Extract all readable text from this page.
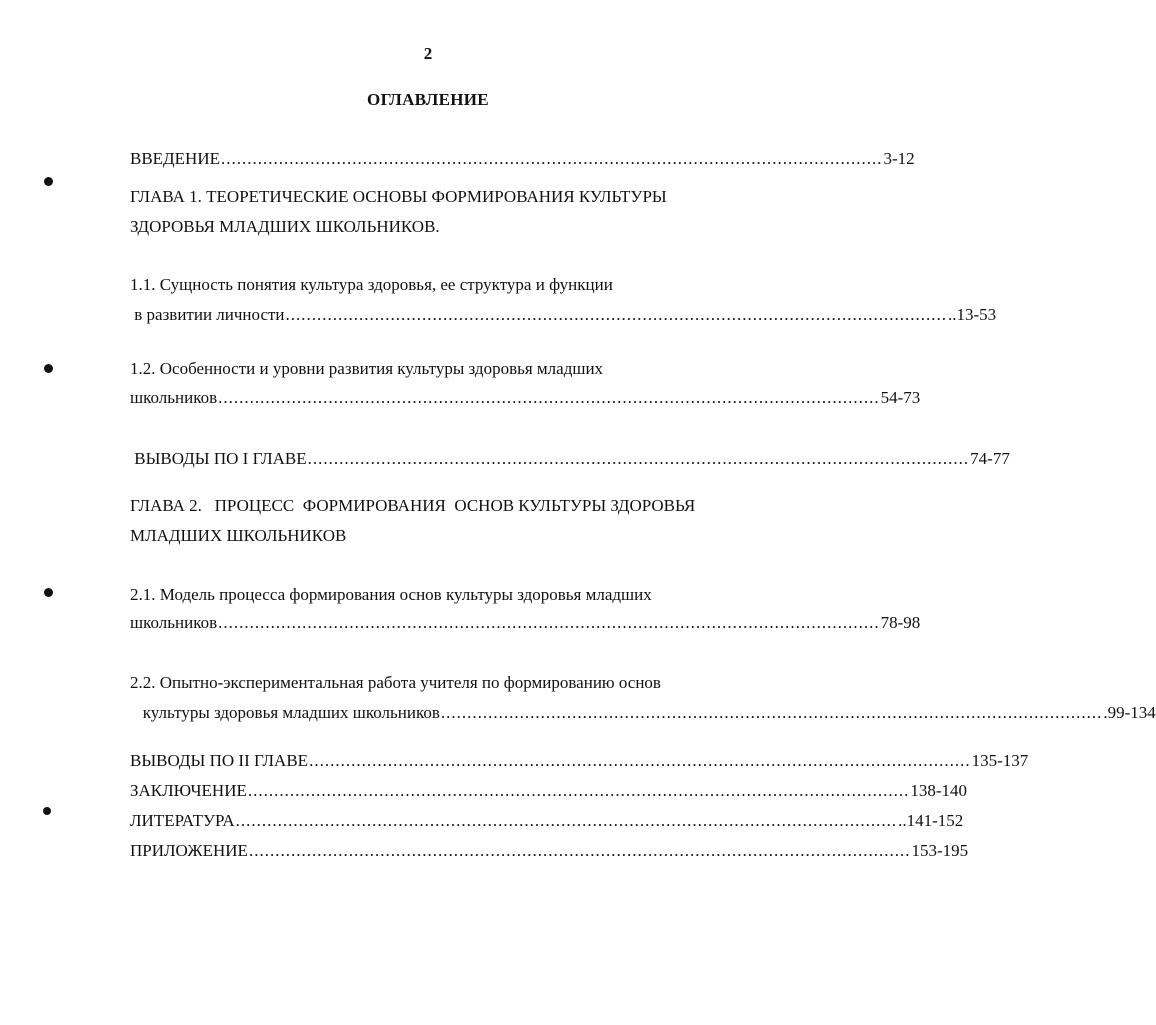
2
ОГЛАВЛЕНИЕ
ВВЕДЕНИЕ .............................................................................................................................. 3-12
ГЛАВА 1. ТЕОРЕТИЧЕСКИЕ ОСНОВЫ ФОРМИРОВАНИЯ КУЛЬТУРЫ
ЗДОРОВЬЯ МЛАДШИХ ШКОЛЬНИКОВ.
1.1. Сущность понятия культура здоровья, ее структура и функции
в развитии личности .............................................................................................................................. ..13-53
1.2. Особенности и уровни развития культуры здоровья младших
школьников .............................................................................................................................. 54-73
ВЫВОДЫ ПО I ГЛАВЕ .............................................................................................................................. 74-77
ГЛАВА 2.   ПРОЦЕСС  ФОРМИРОВАНИЯ  ОСНОВ КУЛЬТУРЫ ЗДОРОВЬЯ
МЛАДШИХ ШКОЛЬНИКОВ
2.1. Модель процесса формирования основ культуры здоровья младших
школьников .............................................................................................................................. 78-98
2.2. Опытно-экспериментальная работа учителя по формированию основ
культуры здоровья младших школьников .............................................................................................................................. .99-134
ВЫВОДЫ ПО II ГЛАВЕ .............................................................................................................................. 135-137
ЗАКЛЮЧЕНИЕ .............................................................................................................................. 138-140
ЛИТЕРАТУРА .............................................................................................................................. ..141-152
ПРИЛОЖЕНИЕ .............................................................................................................................. 153-195
